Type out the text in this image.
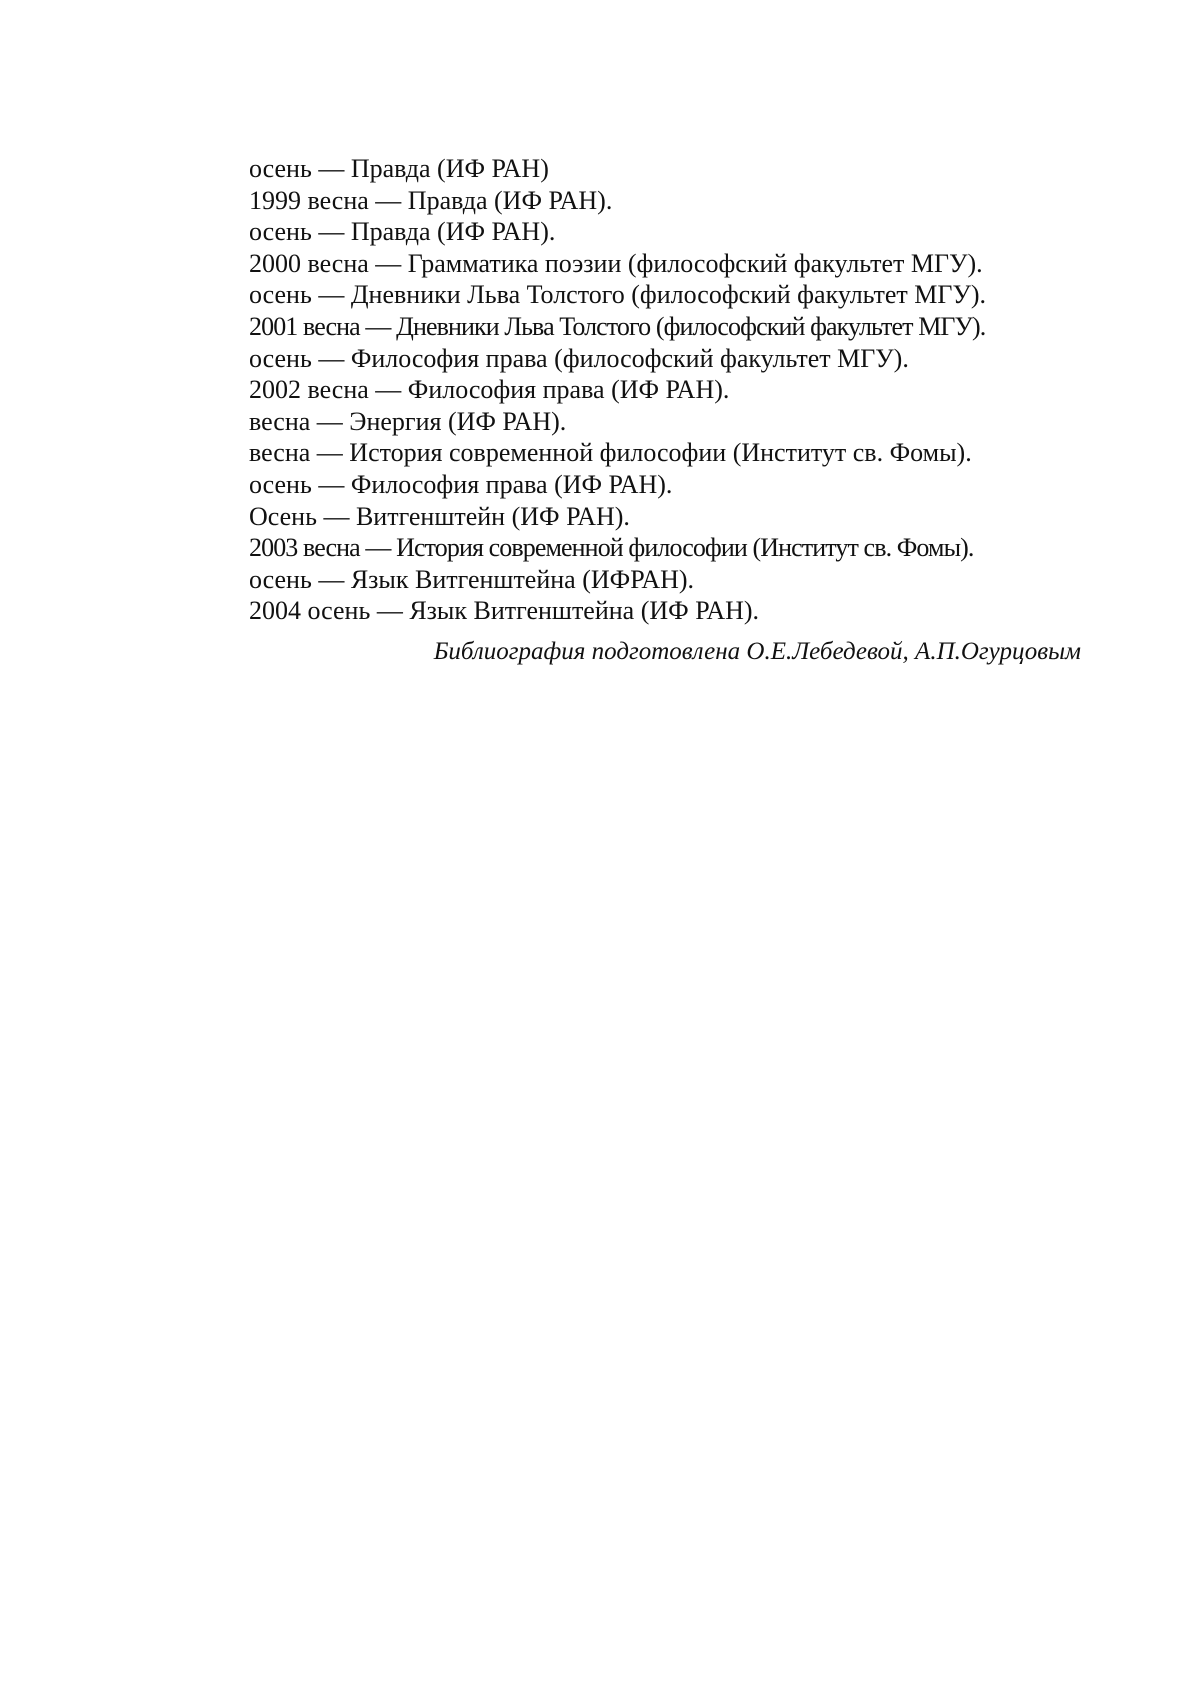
осень — Правда (ИФ РАН)
1999 весна — Правда (ИФ РАН).
осень — Правда (ИФ РАН).
2000 весна — Грамматика поэзии (философский факультет МГУ).
осень — Дневники Льва Толстого (философский факультет МГУ).
2001 весна — Дневники Льва Толстого (философский факультет МГУ).
осень — Философия права (философский факультет МГУ).
2002 весна — Философия права (ИФ РАН).
весна — Энергия (ИФ РАН).
весна — История современной философии (Институт св. Фомы).
осень — Философия права (ИФ РАН).
Осень — Витгенштейн (ИФ РАН).
2003 весна — История современной философии (Институт св. Фомы).
осень — Язык Витгенштейна (ИФРАН).
2004 осень — Язык Витгенштейна (ИФ РАН).
Библиография подготовлена О.Е.Лебедевой, А.П.Огурцовым
